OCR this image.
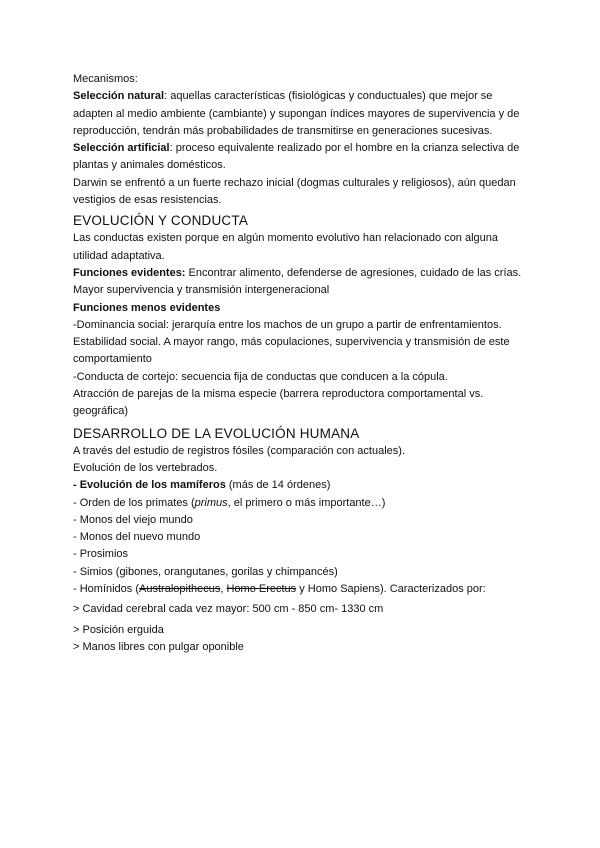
Mecanismos:

Selección natural: aquellas características (fisiológicas y conductuales) que mejor se adapten al medio ambiente (cambiante) y supongan índices mayores de supervivencia y de reproducción, tendrán más probabilidades de transmitirse en generaciones sucesivas.

Selección artificial: proceso equivalente realizado por el hombre en la crianza selectiva de plantas y animales domésticos.

Darwin se enfrentó a un fuerte rechazo inicial (dogmas culturales y religiosos), aún quedan vestigios de esas resistencias.

EVOLUCIÓN Y CONDUCTA

Las conductas existen porque en algún momento evolutivo han relacionado con alguna utilidad adaptativa.

Funciones evidentes: Encontrar alimento, defenderse de agresiones, cuidado de las crías.

Mayor supervivencia y transmisión intergeneracional

Funciones menos evidentes

-Dominancia social: jerarquía entre los machos de un grupo a partir de enfrentamientos.

Estabilidad social. A mayor rango, más copulaciones, supervivencia y transmisión de este comportamiento

-Conducta de cortejo: secuencia fija de conductas que conducen a la cópula.

Atracción de parejas de la misma especie (barrera reproductora comportamental vs. geográfica)

DESARROLLO DE LA EVOLUCIÓN HUMANA

A través del estudio de registros fósiles (comparación con actuales).

Evolución de los vertebrados.

- Evolución de los mamíferos (más de 14 órdenes)

- Orden de los primates (primus, el primero o más importante…)

- Monos del viejo mundo

- Monos del nuevo mundo

- Prosimios

- Simios (gibones, orangutanes, gorilas y chimpancés)

- Homínidos (Australopithecus, Homo Erectus y Homo Sapiens). Caracterizados por:

> Cavidad cerebral cada vez mayor: 500 cm - 850 cm- 1330 cm

> Posición erguida

> Manos libres con pulgar oponible
